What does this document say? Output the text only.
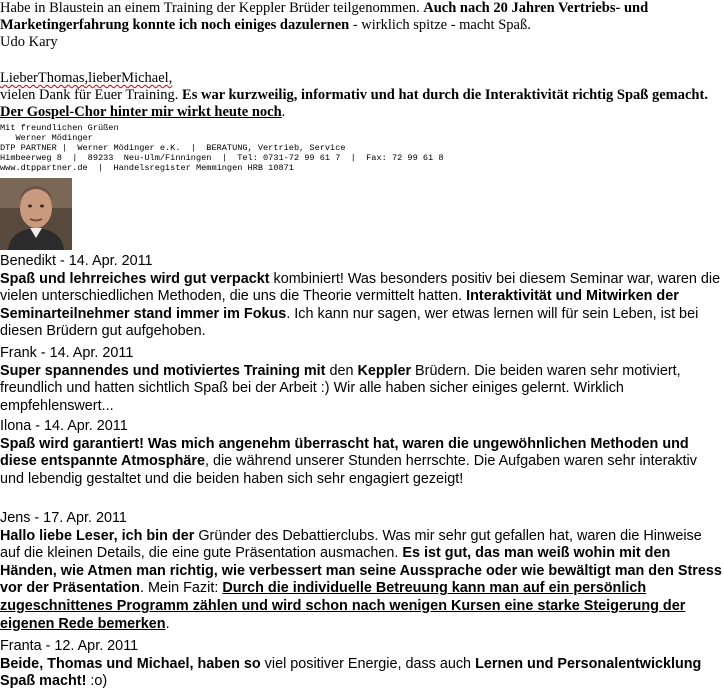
Habe in Blaustein an einem Training der Keppler Brüder teilgenommen. Auch nach 20 Jahren Vertriebs- und
Marketingerfahrung konnte ich noch einiges dazulernen - wirklich spitze - macht Spaß.
Udo Kary
LieberThomas,lieberMichael,
vielen Dank für Euer Training. Es war kurzweilig, informativ und hat durch die Interaktivität richtig Spaß gemacht.
Der Gospel-Chor hinter mir wirkt heute noch.
Mit freundlichen Grüßen
Werner Mödinger
DTP PARTNER |  Werner Mödinger e.K.  |  BERATUNG, Vertrieb, Service
Himbeerweg 8  |  89233  Neu-Ulm/Finningen  |  Tel: 0731-72 99 61 7  |  Fax: 72 99 61 8
www.dtppartner.de  |  Handelsregister Memmingen HRB 10871
Benedikt - 14. Apr. 2011
Spaß und lehrreiches wird gut verpackt kombiniert! Was besonders positiv bei diesem Seminar war, waren die vielen unterschiedlichen Methoden, die uns die Theorie vermittelt hatten. Interaktivität und Mitwirken der Seminarteilnehmer stand immer im Fokus. Ich kann nur sagen, wer etwas lernen will für sein Leben, ist bei diesen Brüdern gut aufgehoben.
Frank - 14. Apr. 2011
Super spannendes und motiviertes Training mit den Keppler Brüdern. Die beiden waren sehr motiviert, freundlich und hatten sichtlich Spaß bei der Arbeit :) Wir alle haben sicher einiges gelernt. Wirklich empfehlenswert...
Ilona - 14. Apr. 2011
Spaß wird garantiert! Was mich angenehm überrascht hat, waren die ungewöhnlichen Methoden und diese entspannte Atmosphäre, die während unserer Stunden herrschte. Die Aufgaben waren sehr interaktiv und lebendig gestaltet und die beiden haben sich sehr engagiert gezeigt!
Jens - 17. Apr. 2011
Hallo liebe Leser, ich bin der Gründer des Debattierclubs. Was mir sehr gut gefallen hat, waren die Hinweise auf die kleinen Details, die eine gute Präsentation ausmachen. Es ist gut, das man weiß wohin mit den Händen, wie Atmen man richtig, wie verbessert man seine Aussprache oder wie bewältigt man den Stress vor der Präsentation. Mein Fazit: Durch die individuelle Betreuung kann man auf ein persönlich zugeschnittenes Programm zählen und wird schon nach wenigen Kursen eine starke Steigerung der eigenen Rede bemerken.
Franta - 12. Apr. 2011
Beide, Thomas und Michael, haben so viel positiver Energie, dass auch Lernen und Personalentwicklung Spaß macht! :o)
